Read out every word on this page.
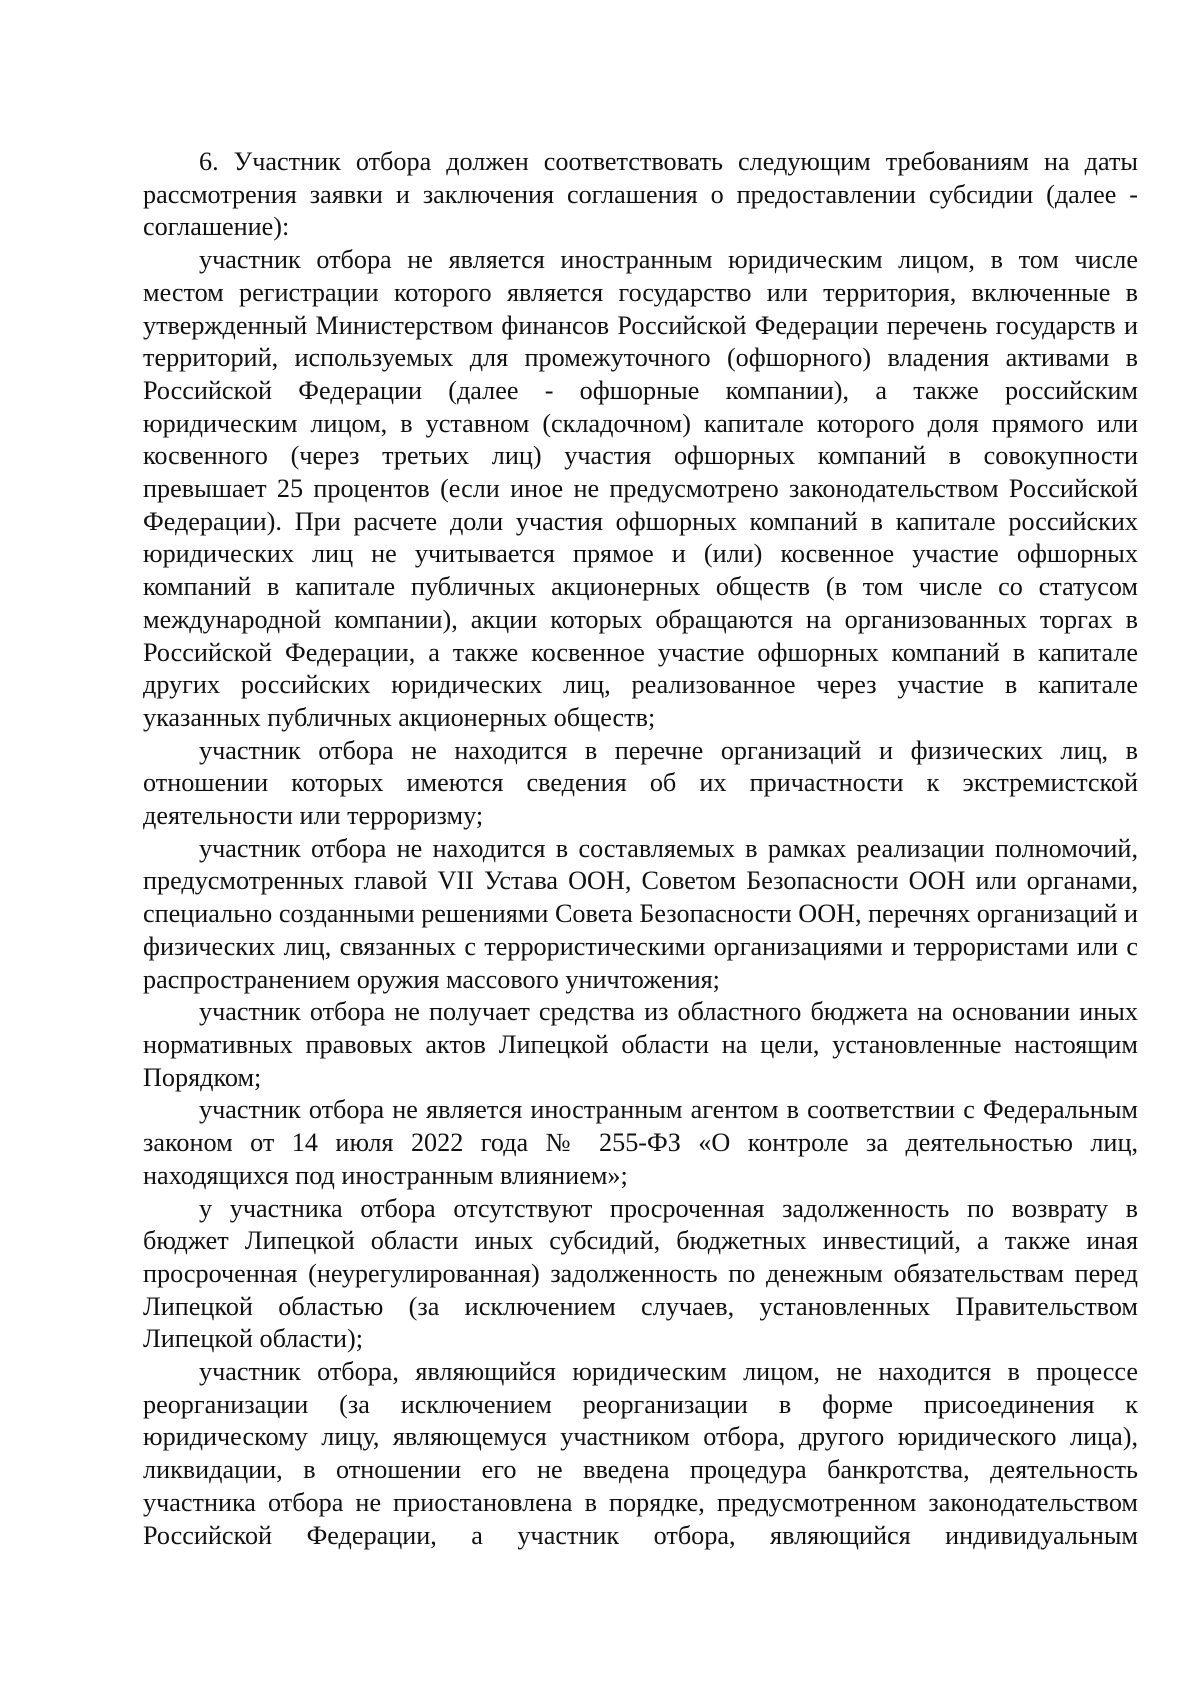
6. Участник отбора должен соответствовать следующим требованиям на даты рассмотрения заявки и заключения соглашения о предоставлении субсидии (далее - соглашение):

участник отбора не является иностранным юридическим лицом, в том числе местом регистрации которого является государство или территория, включенные в утвержденный Министерством финансов Российской Федерации перечень государств и территорий, используемых для промежуточного (офшорного) владения активами в Российской Федерации (далее - офшорные компании), а также российским юридическим лицом, в уставном (складочном) капитале которого доля прямого или косвенного (через третьих лиц) участия офшорных компаний в совокупности превышает 25 процентов (если иное не предусмотрено законодательством Российской Федерации). При расчете доли участия офшорных компаний в капитале российских юридических лиц не учитывается прямое и (или) косвенное участие офшорных компаний в капитале публичных акционерных обществ (в том числе со статусом международной компании), акции которых обращаются на организованных торгах в Российской Федерации, а также косвенное участие офшорных компаний в капитале других российских юридических лиц, реализованное через участие в капитале указанных публичных акционерных обществ;

участник отбора не находится в перечне организаций и физических лиц, в отношении которых имеются сведения об их причастности к экстремистской деятельности или терроризму;

участник отбора не находится в составляемых в рамках реализации полномочий, предусмотренных главой VII Устава ООН, Советом Безопасности ООН или органами, специально созданными решениями Совета Безопасности ООН, перечнях организаций и физических лиц, связанных с террористическими организациями и террористами или с распространением оружия массового уничтожения;

участник отбора не получает средства из областного бюджета на основании иных нормативных правовых актов Липецкой области на цели, установленные настоящим Порядком;

участник отбора не является иностранным агентом в соответствии с Федеральным законом от 14 июля 2022 года № 255-ФЗ «О контроле за деятельностью лиц, находящихся под иностранным влиянием»;

у участника отбора отсутствуют просроченная задолженность по возврату в бюджет Липецкой области иных субсидий, бюджетных инвестиций, а также иная просроченная (неурегулированная) задолженность по денежным обязательствам перед Липецкой областью (за исключением случаев, установленных Правительством Липецкой области);

участник отбора, являющийся юридическим лицом, не находится в процессе реорганизации (за исключением реорганизации в форме присоединения к юридическому лицу, являющемуся участником отбора, другого юридического лица), ликвидации, в отношении его не введена процедура банкротства, деятельность участника отбора не приостановлена в порядке, предусмотренном законодательством Российской Федерации, а участник отбора, являющийся индивидуальным
